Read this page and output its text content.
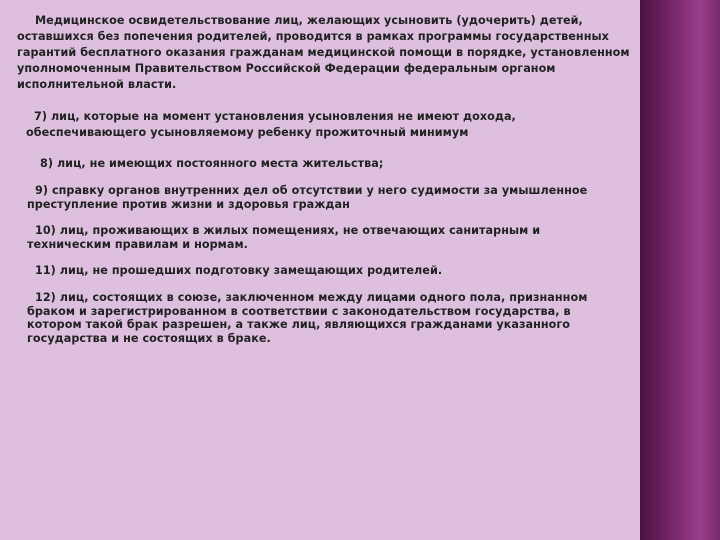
Медицинское освидетельствование лиц, желающих усыновить (удочерить) детей,
оставшихся без попечения родителей, проводится в рамках программы государственных
гарантий бесплатного оказания гражданам медицинской помощи в порядке, установленном
уполномоченным Правительством Российской Федерации федеральным органом
исполнительной власти.
7) лиц, которые на момент установления усыновления не имеют дохода,
обеспечивающего усыновляемому ребенку прожиточный минимум
8) лиц, не имеющих постоянного места жительства;
9) справку органов внутренних дел об отсутствии у него судимости за умышленное
преступление против жизни и здоровья граждан
10) лиц, проживающих в жилых помещениях, не отвечающих санитарным и
техническим правилам и нормам.
11) лиц, не прошедших подготовку замещающих родителей.
12) лиц, состоящих в союзе, заключенном между лицами одного пола, признанном
браком и зарегистрированном в соответствии с законодательством государства, в
котором такой брак разрешен, а также лиц, являющихся гражданами указанного
государства и не состоящих в браке.
